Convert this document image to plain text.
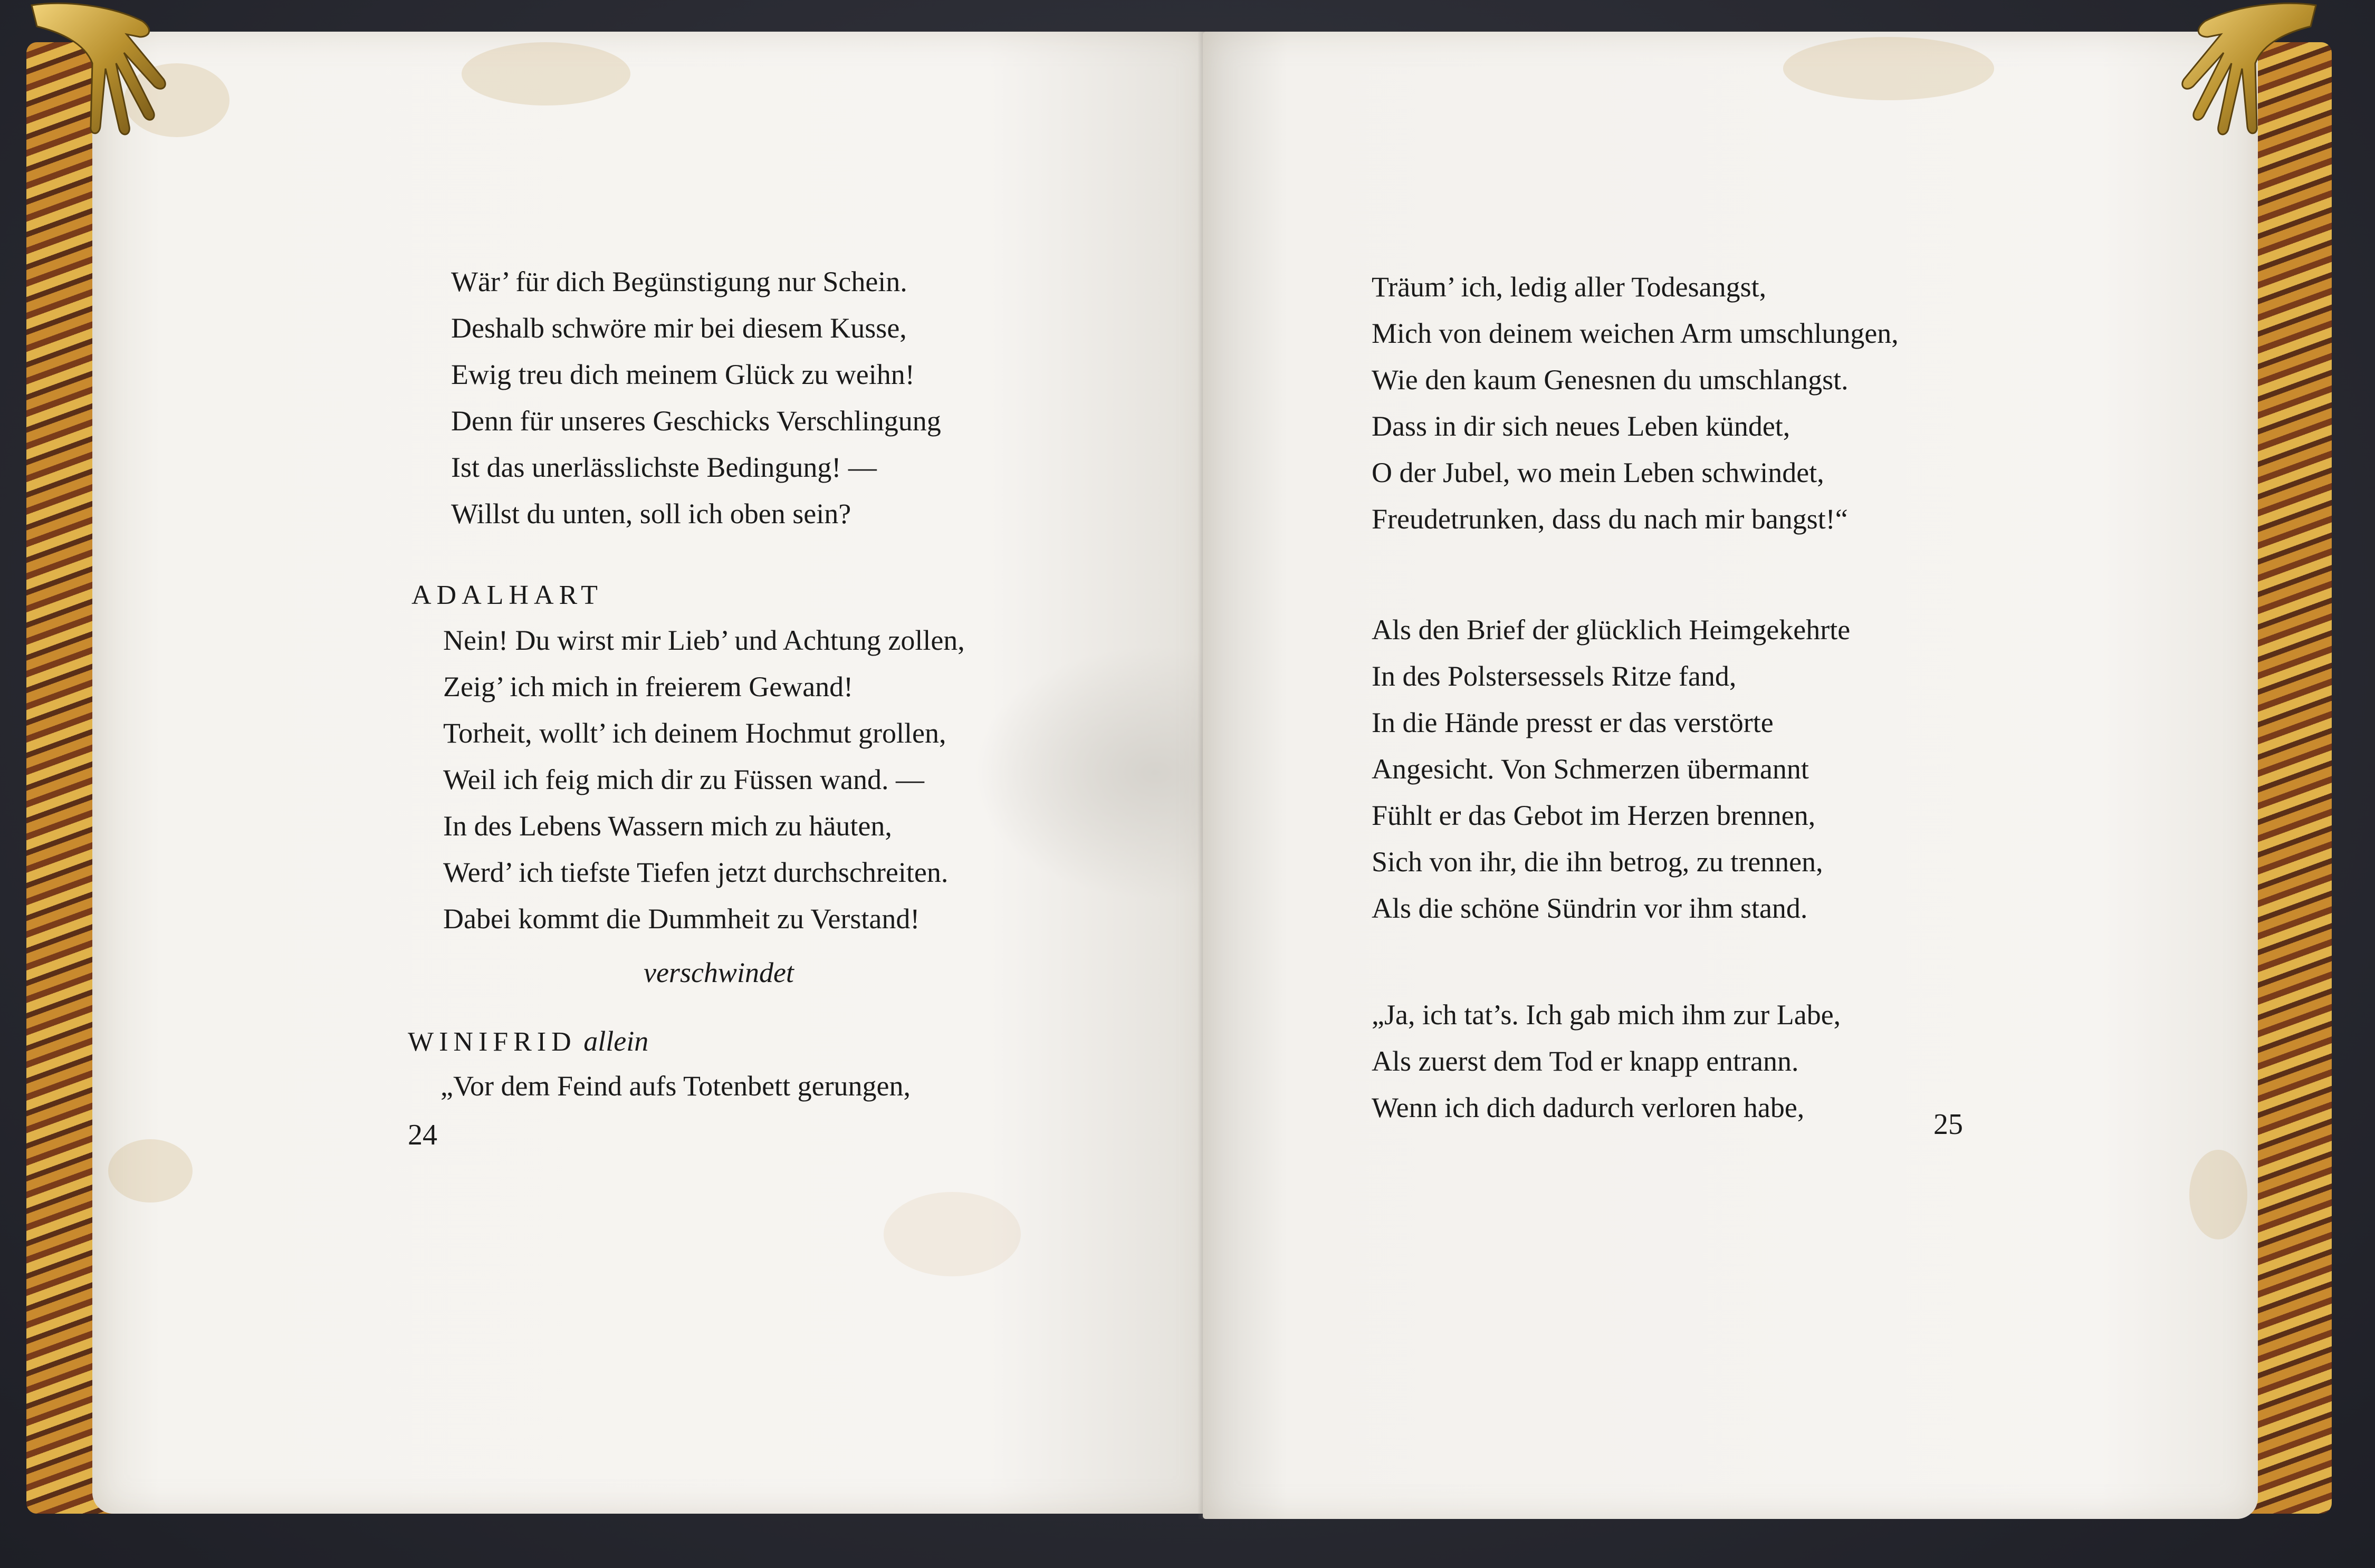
Wär’ für dich Begünstigung nur Schein.
Deshalb schwöre mir bei diesem Kusse,
Ewig treu dich meinem Glück zu weihn!
Denn für unseres Geschicks Verschlingung
Ist das unerlässlichste Bedingung! —
Willst du unten, soll ich oben sein?
ADALHART
Nein! Du wirst mir Lieb’ und Achtung zollen,
Zeig’ ich mich in freierem Gewand!
Torheit, wollt’ ich deinem Hochmut grollen,
Weil ich feig mich dir zu Füssen wand. —
In des Lebens Wassern mich zu häuten,
Werd’ ich tiefste Tiefen jetzt durchschreiten.
Dabei kommt die Dummheit zu Verstand!
verschwindet
WINIFRID allein
„Vor dem Feind aufs Totenbett gerungen,
24
Träum’ ich, ledig aller Todesangst,
Mich von deinem weichen Arm umschlungen,
Wie den kaum Genesnen du umschlangst.
Dass in dir sich neues Leben kündet,
O der Jubel, wo mein Leben schwindet,
Freudetrunken, dass du nach mir bangst!“
Als den Brief der glücklich Heimgekehrte
In des Polstersessels Ritze fand,
In die Hände presst er das verstörte
Angesicht. Von Schmerzen übermannt
Fühlt er das Gebot im Herzen brennen,
Sich von ihr, die ihn betrog, zu trennen,
Als die schöne Sündrin vor ihm stand.
„Ja, ich tat’s. Ich gab mich ihm zur Labe,
Als zuerst dem Tod er knapp entrann.
Wenn ich dich dadurch verloren habe,
25
